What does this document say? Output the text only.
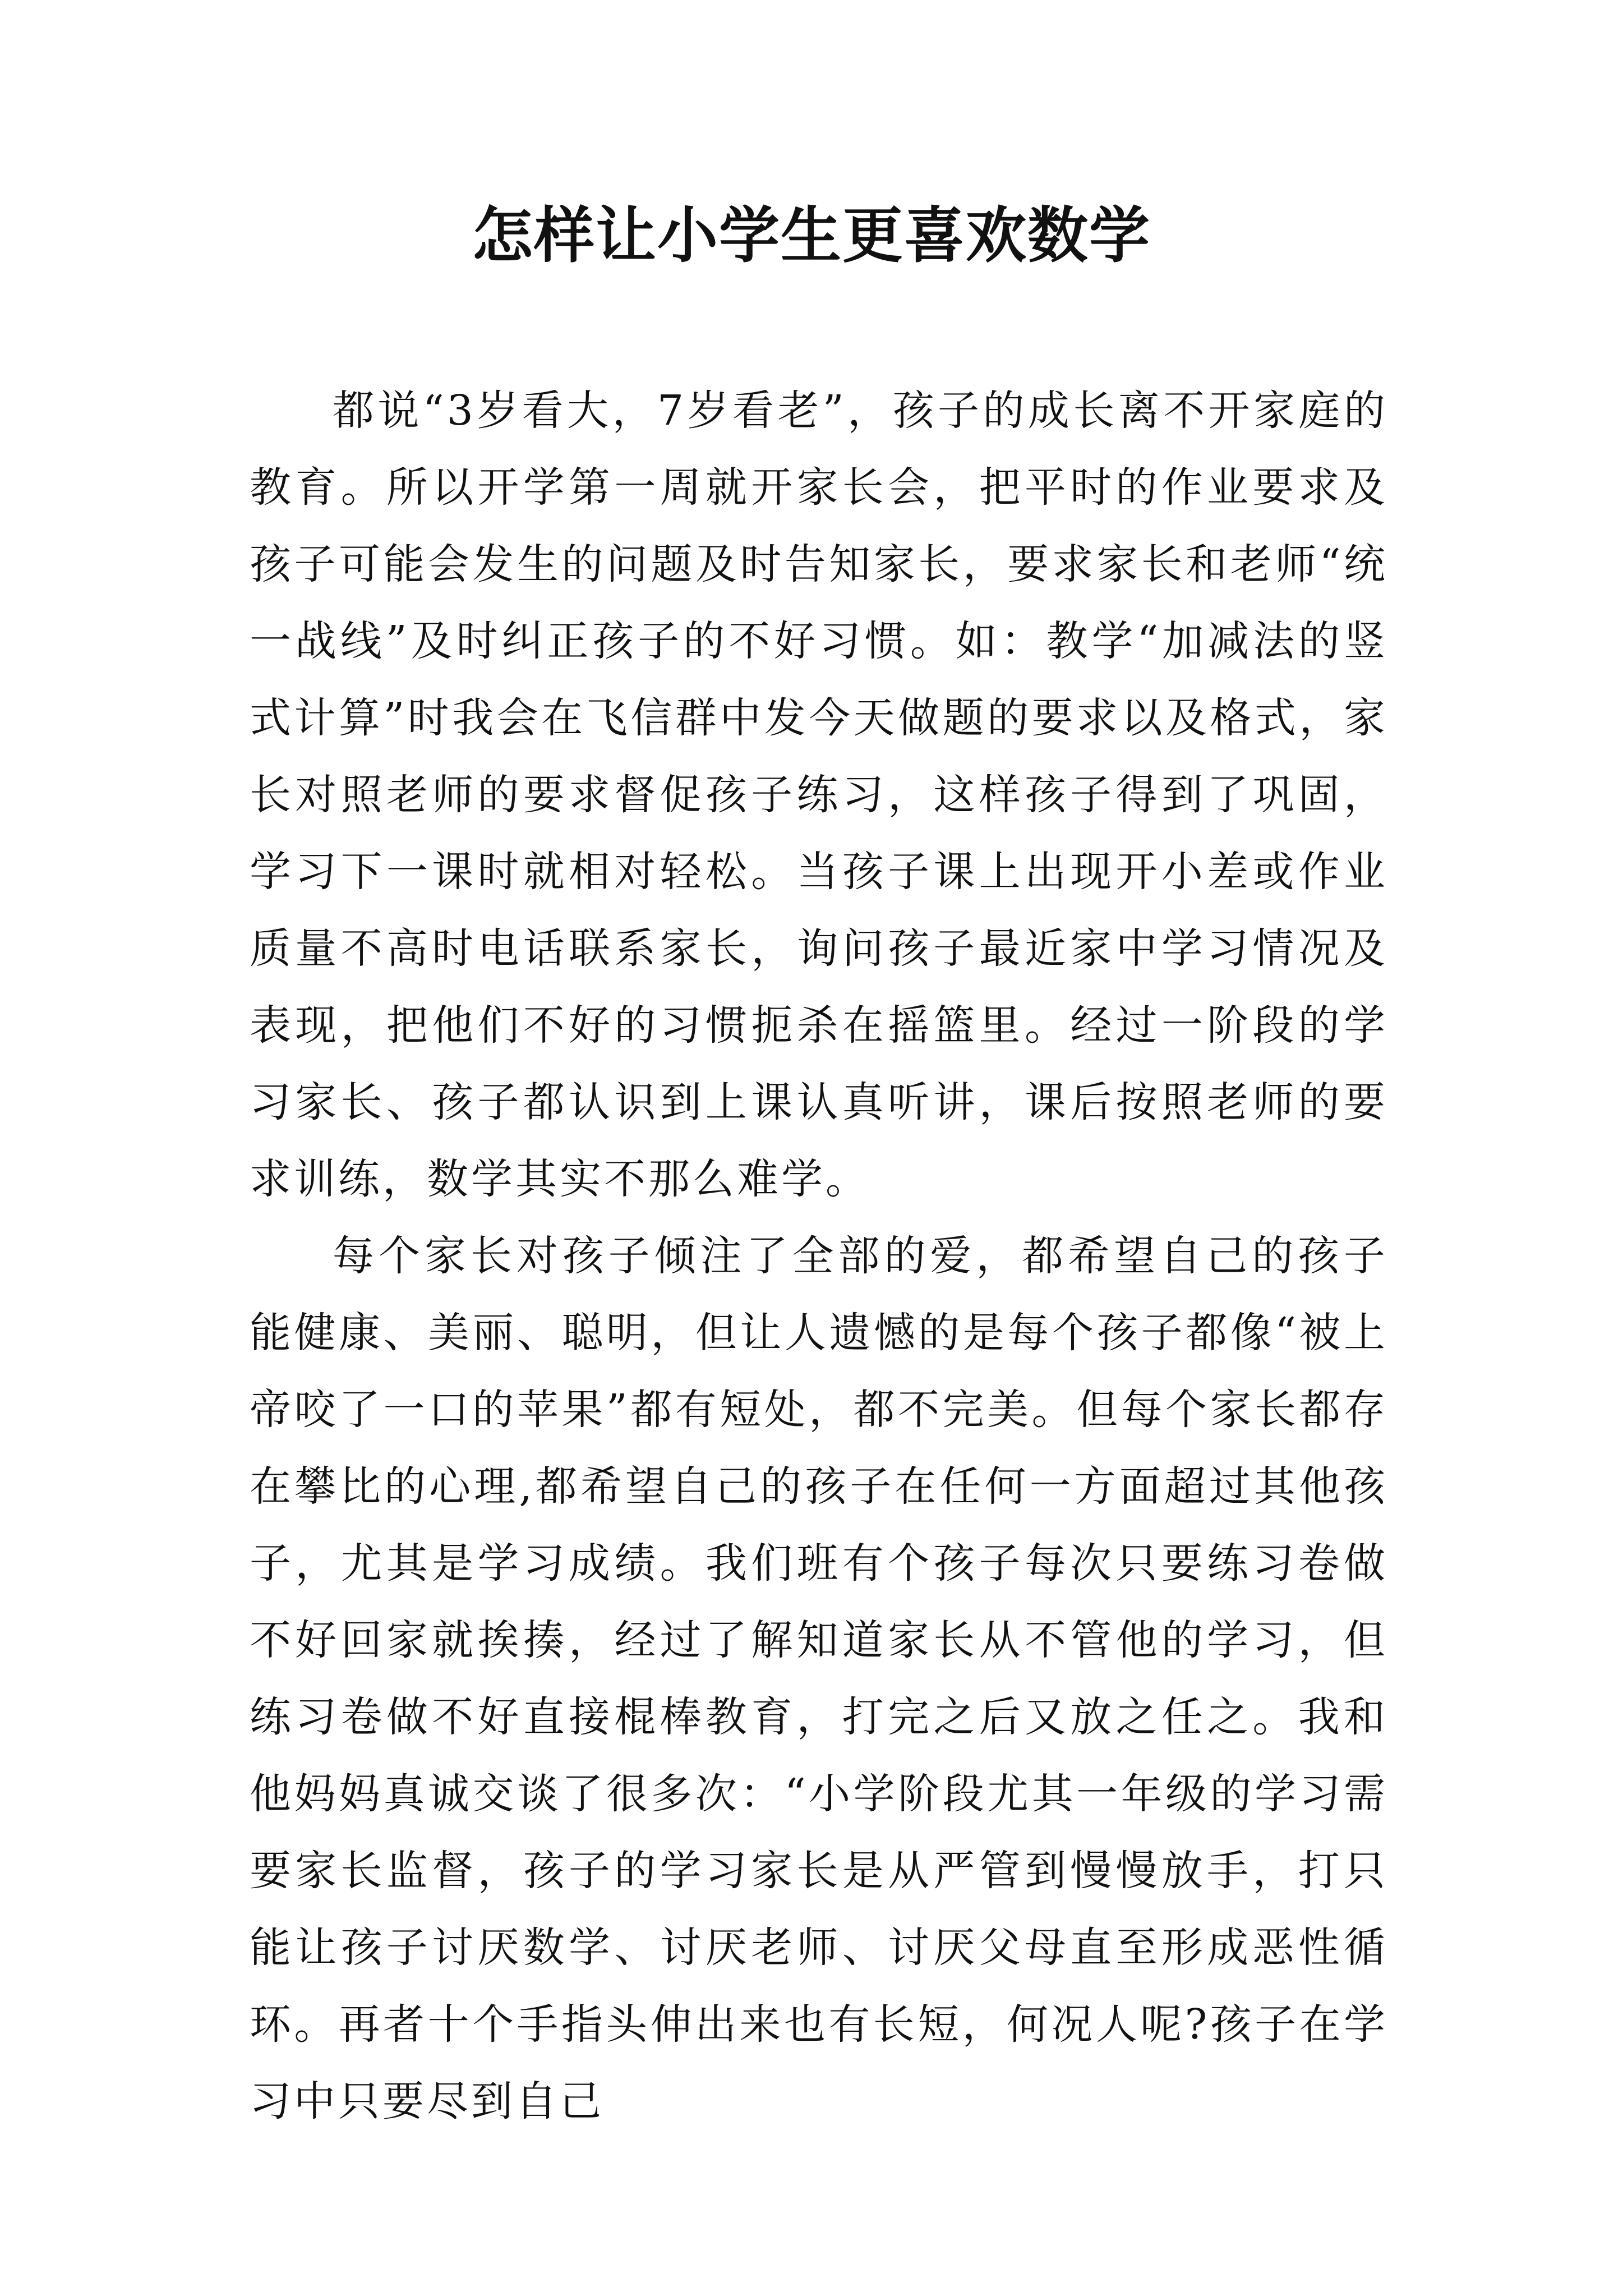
怎样让小学生更喜欢数学

都说“3岁看大，7岁看老”，孩子的成长离不开家庭的教育。所以开学第一周就开家长会，把平时的作业要求及孩子可能会发生的问题及时告知家长，要求家长和老师“统一战线”及时纠正孩子的不好习惯。如：教学“加减法的竖式计算”时我会在飞信群中发今天做题的要求以及格式，家长对照老师的要求督促孩子练习，这样孩子得到了巩固，学习下一课时就相对轻松。当孩子课上出现开小差或作业质量不高时电话联系家长，询问孩子最近家中学习情况及表现，把他们不好的习惯扼杀在摇篮里。经过一阶段的学习家长、孩子都认识到上课认真听讲，课后按照老师的要求训练，数学其实不那么难学。

每个家长对孩子倾注了全部的爱，都希望自己的孩子能健康、美丽、聪明，但让人遗憾的是每个孩子都像“被上帝咬了一口的苹果”都有短处，都不完美。但每个家长都存在攀比的心理,都希望自己的孩子在任何一方面超过其他孩子，尤其是学习成绩。我们班有个孩子每次只要练习卷做不好回家就挨揍，经过了解知道家长从不管他的学习，但练习卷做不好直接棍棒教育，打完之后又放之任之。我和他妈妈真诚交谈了很多次：“小学阶段尤其一年级的学习需要家长监督，孩子的学习家长是从严管到慢慢放手，打只能让孩子讨厌数学、讨厌老师、讨厌父母直至形成恶性循环。再者十个手指头伸出来也有长短，何况人呢?孩子在学习中只要尽到自己
